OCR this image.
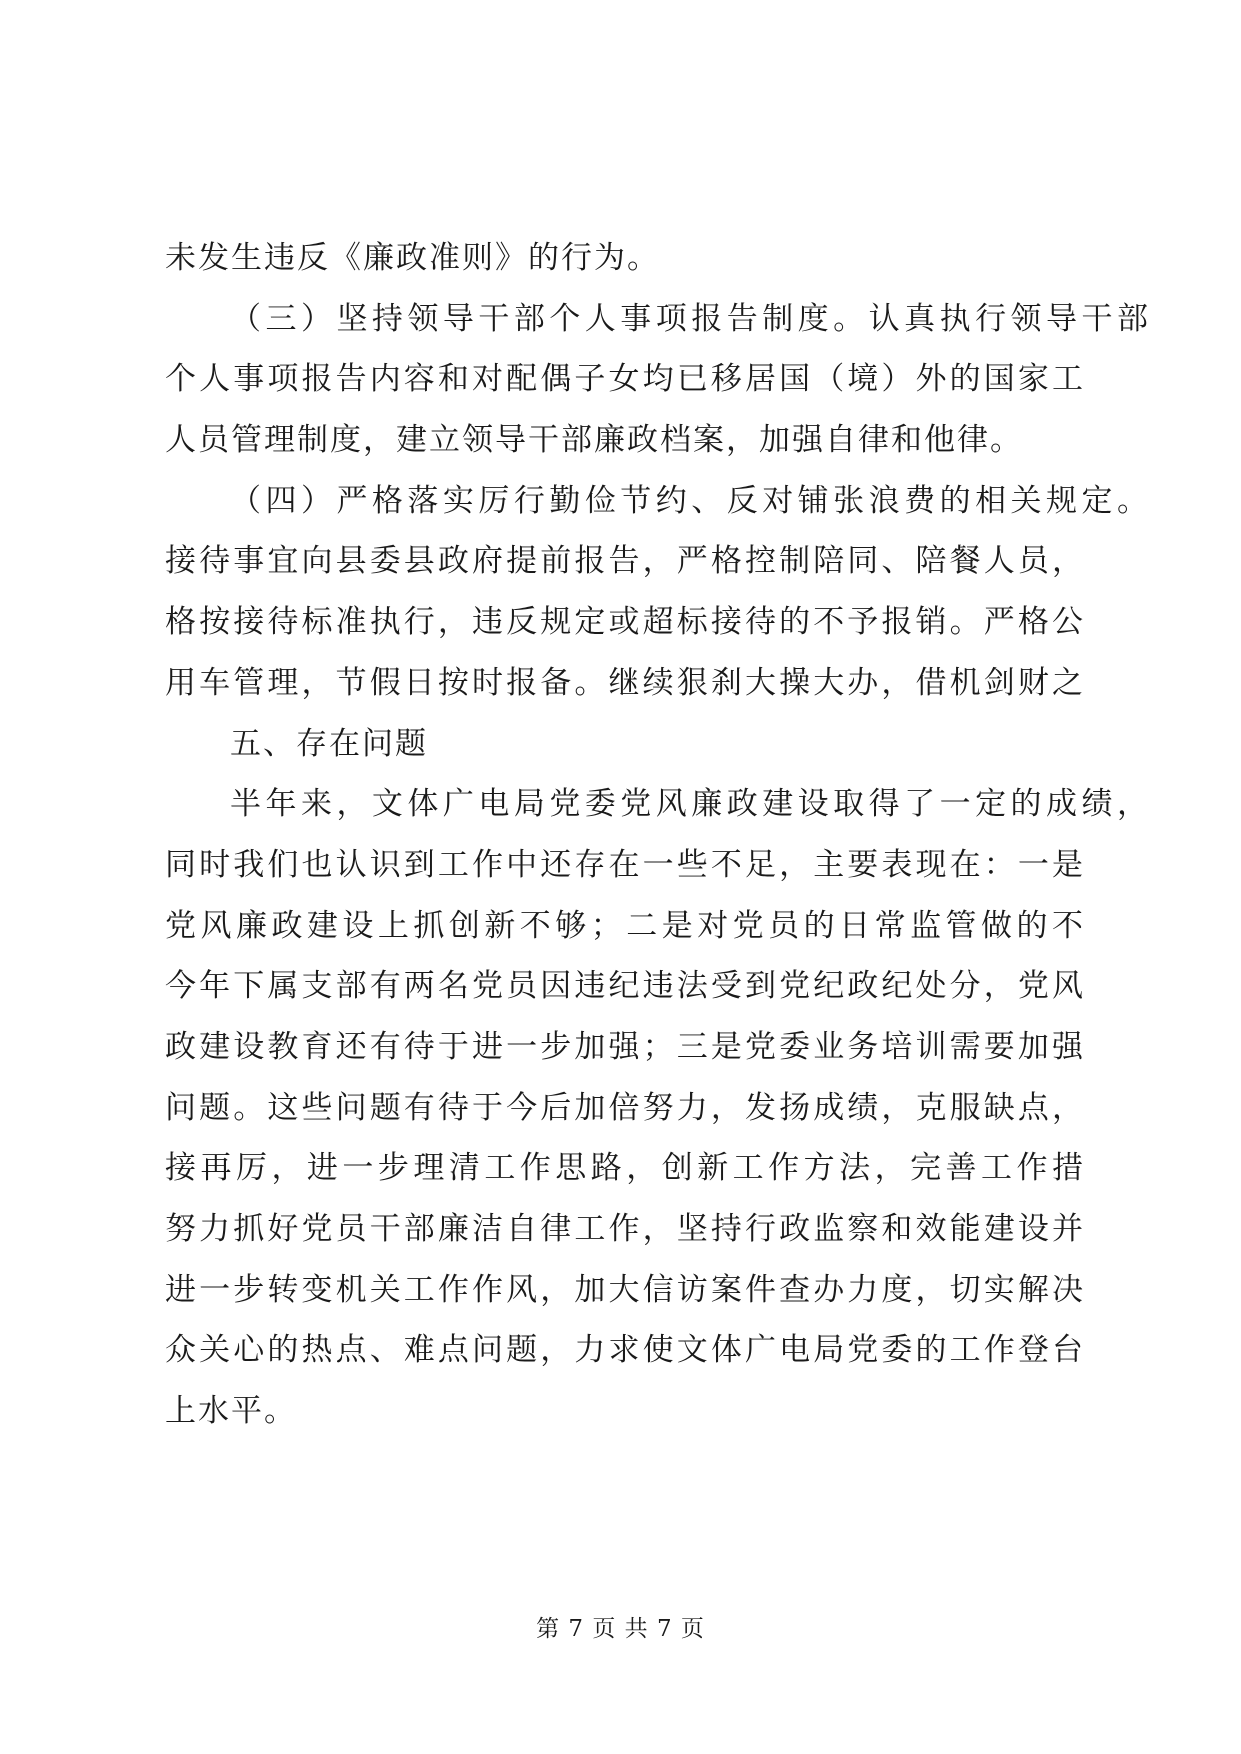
未发生违反《廉政准则》的行为。
（三）坚持领导干部个人事项报告制度。认真执行领导干部
个人事项报告内容和对配偶子女均已移居国（境）外的国家工
人员管理制度，建立领导干部廉政档案，加强自律和他律。
（四）严格落实厉行勤俭节约、反对铺张浪费的相关规定。
接待事宜向县委县政府提前报告，严格控制陪同、陪餐人员，
格按接待标准执行，违反规定或超标接待的不予报销。严格公
用车管理，节假日按时报备。继续狠刹大操大办，借机剑财之
五、存在问题
半年来，文体广电局党委党风廉政建设取得了一定的成绩，
同时我们也认识到工作中还存在一些不足，主要表现在：一是
党风廉政建设上抓创新不够；二是对党员的日常监管做的不
今年下属支部有两名党员因违纪违法受到党纪政纪处分，党风
政建设教育还有待于进一步加强；三是党委业务培训需要加强
问题。这些问题有待于今后加倍努力，发扬成绩，克服缺点，
接再厉，进一步理清工作思路，创新工作方法，完善工作措
努力抓好党员干部廉洁自律工作，坚持行政监察和效能建设并
进一步转变机关工作作风，加大信访案件查办力度，切实解决
众关心的热点、难点问题，力求使文体广电局党委的工作登台
上水平。
第 7 页 共 7 页
